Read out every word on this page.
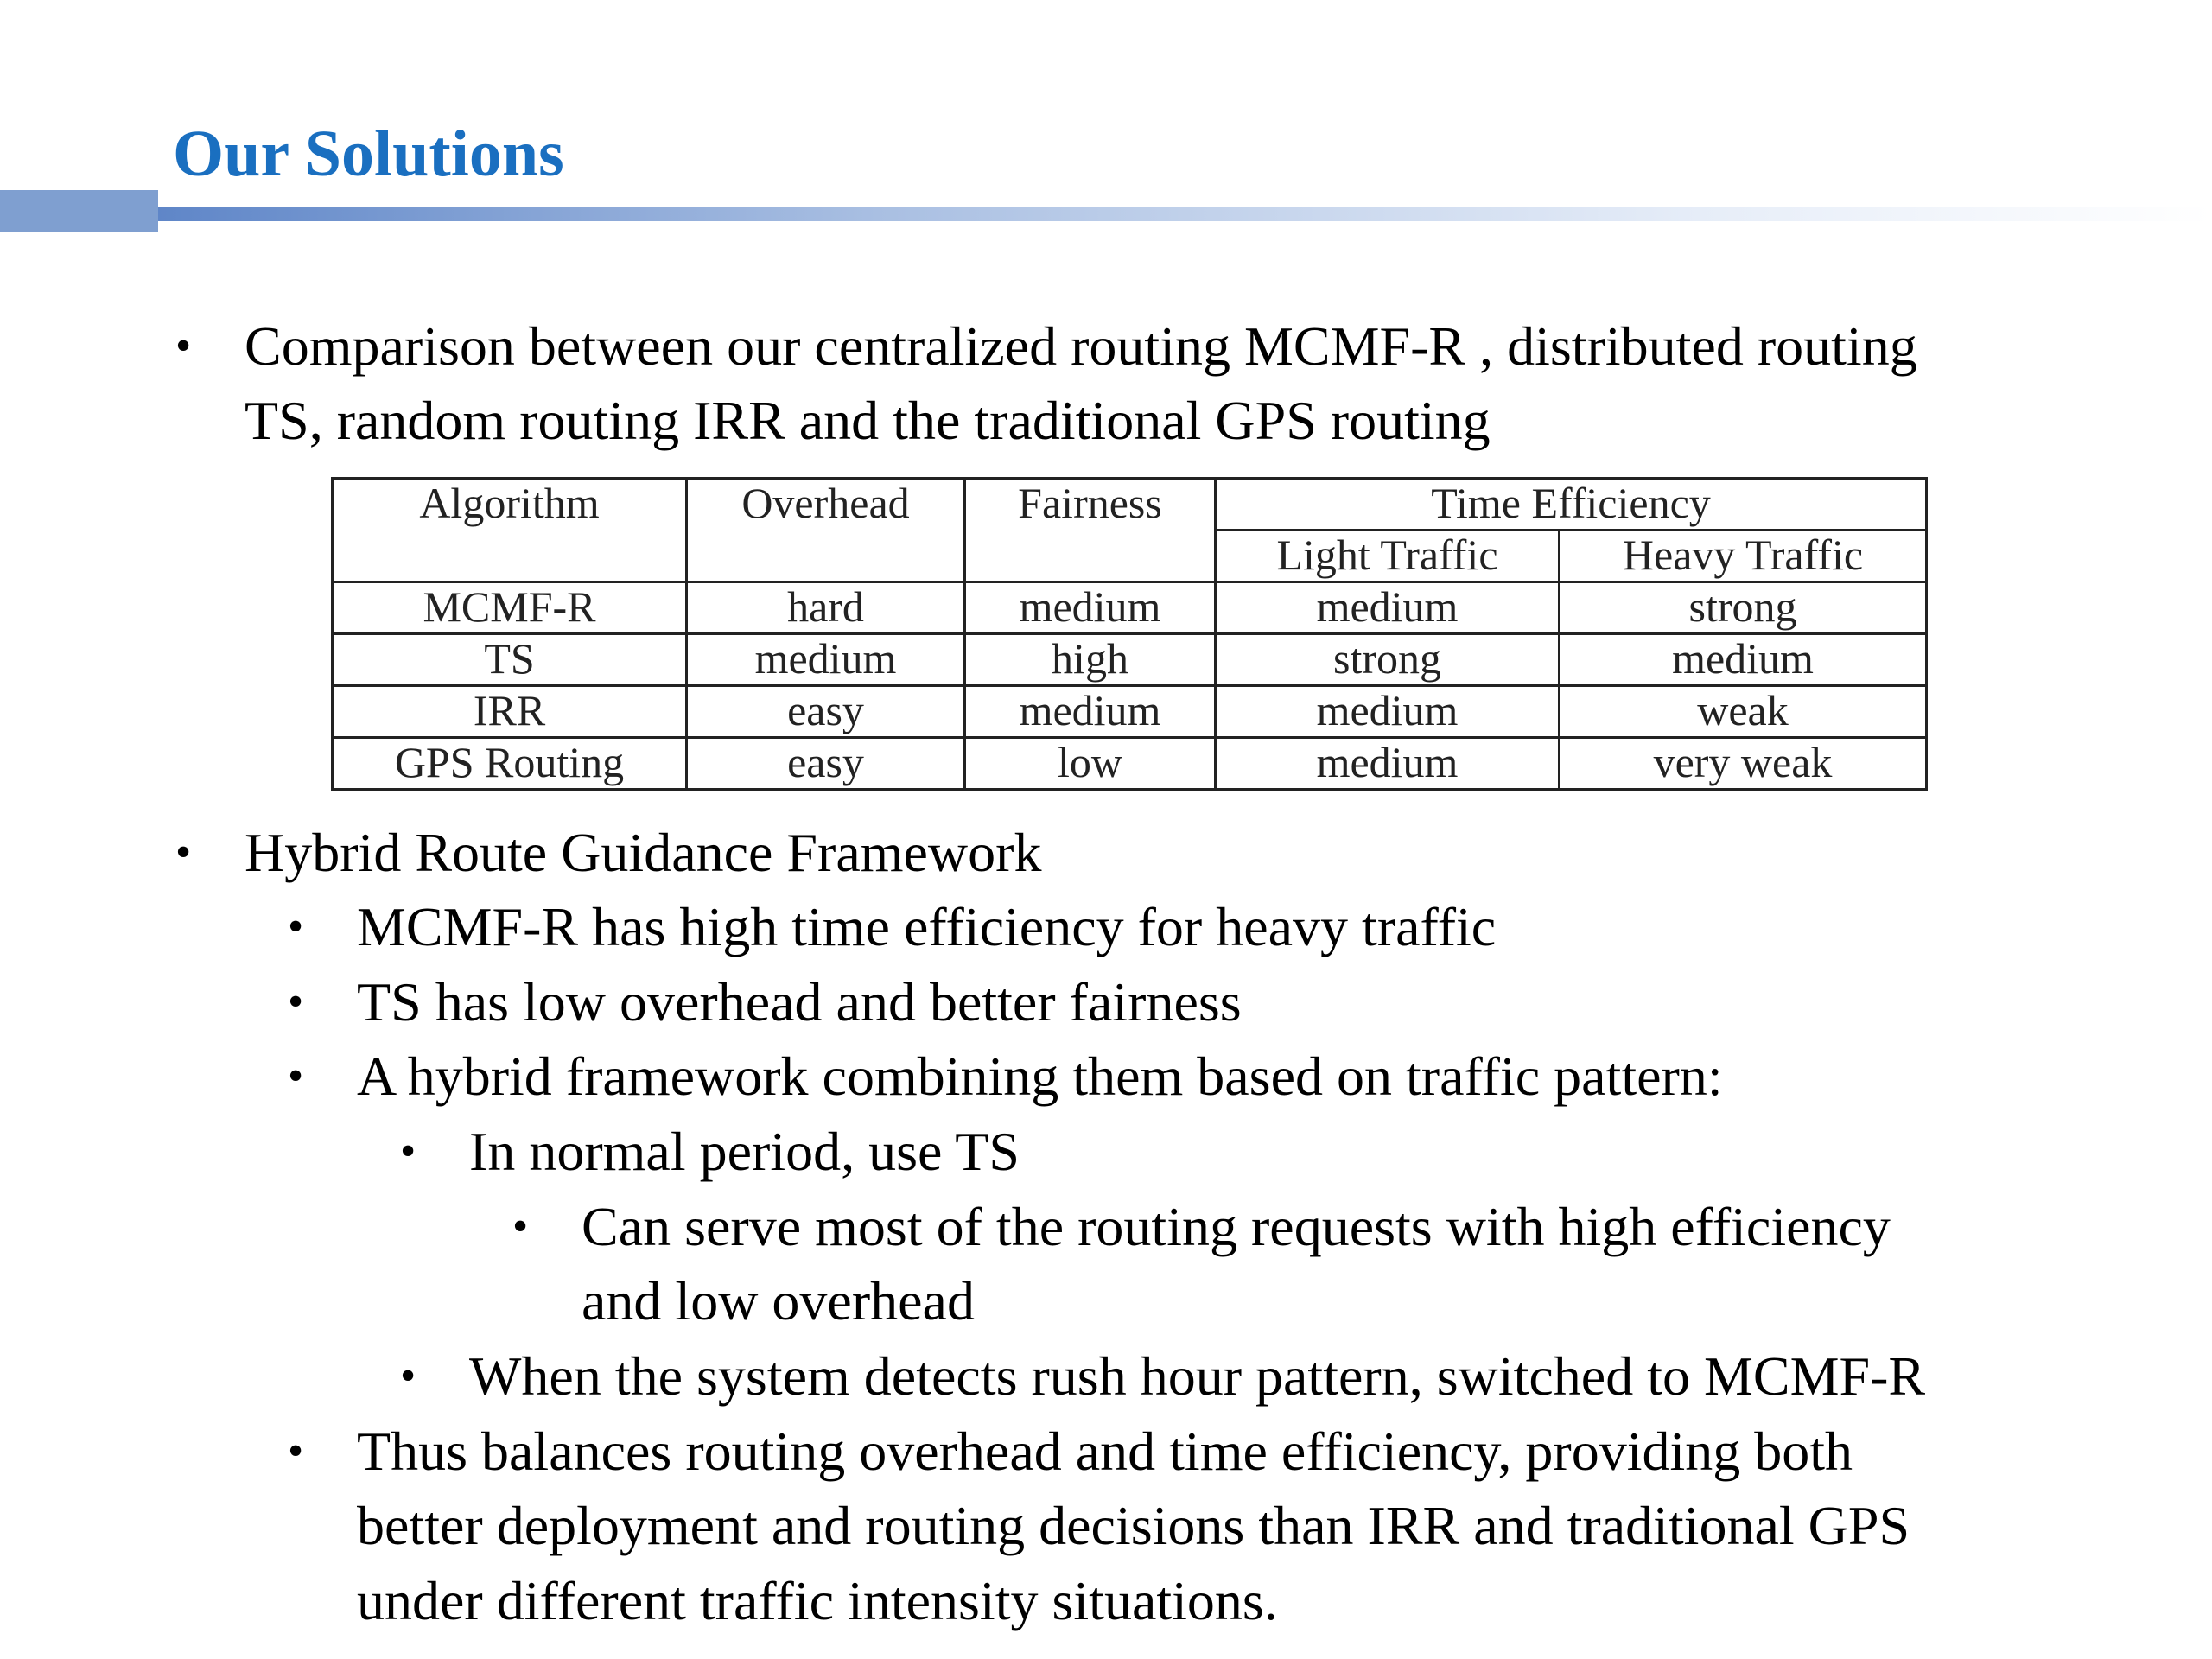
Our Solutions
• Comparison between our centralized routing MCMF-R , distributed routing
TS, random routing IRR and the traditional GPS routing
Algorithm	Overhead	Fairness	Time Efficiency	
			Light Traffic	Heavy Traffic
MCMF-R	hard	medium	medium	strong
TS	medium	high	strong	medium
IRR	easy	medium	medium	weak
GPS Routing	easy	low	medium	very weak
• Hybrid Route Guidance Framework
• MCMF-R has high time efficiency for heavy traffic
• TS has low overhead and better fairness
• A hybrid framework combining them based on traffic pattern:
• In normal period, use TS
• Can serve most of the routing requests with high efficiency
and low overhead
• When the system detects rush hour pattern, switched to MCMF-R
• Thus balances routing overhead and time efficiency, providing both
better deployment and routing decisions than IRR and traditional GPS
under different traffic intensity situations.
